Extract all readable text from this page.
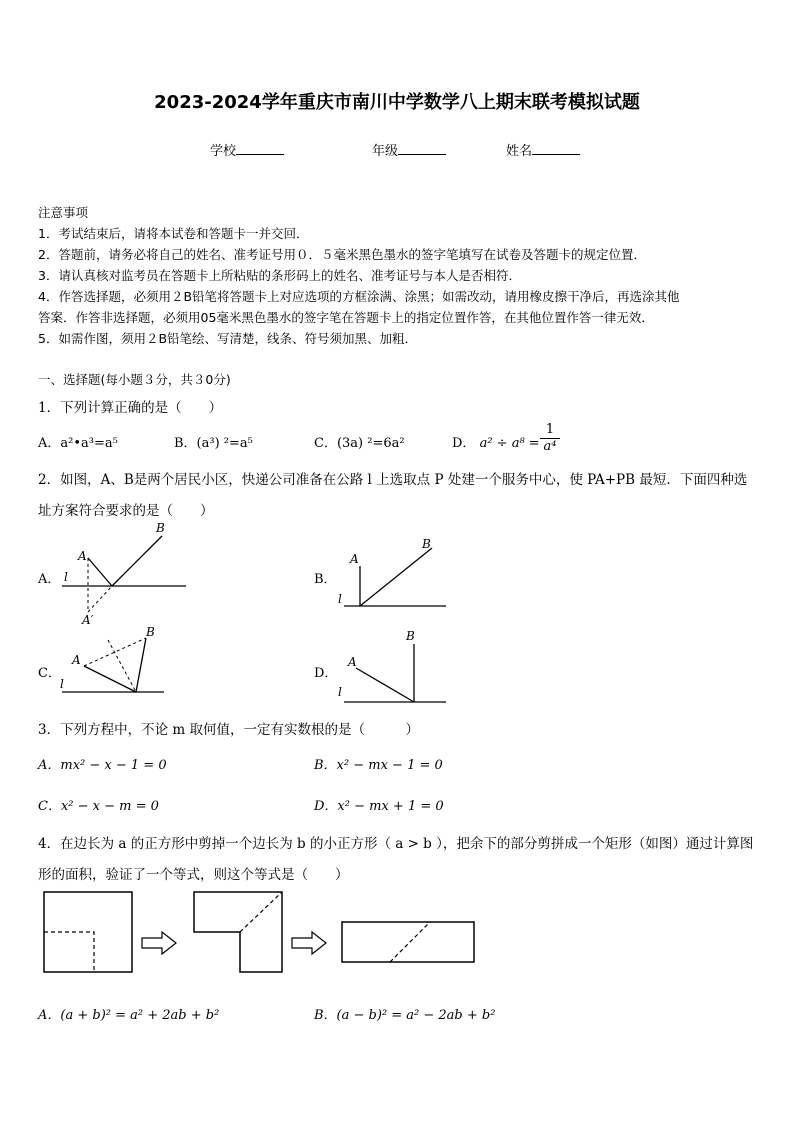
2023-2024学年重庆市南川中学数学八上期末联考模拟试题
学校	年级	姓名
注意事项
1．考试结束后，请将本试卷和答题卡一并交回．
2．答题前，请务必将自己的姓名、准考证号用０．５毫米黑色墨水的签字笔填写在试卷及答题卡的规定位置．
3．请认真核对监考员在答题卡上所粘贴的条形码上的姓名、准考证号与本人是否相符．
4．作答选择题，必须用２B铅笔将答题卡上对应选项的方框涂满、涂黑；如需改动，请用橡皮擦干净后，再选涂其他
答案．作答非选择题，必须用05毫米黑色墨水的签字笔在答题卡上的指定位置作答，在其他位置作答一律无效．
5．如需作图，须用２B铅笔绘、写清楚，线条、符号须加黑、加粗．
一、选择题(每小题３分，共３0分)
1．下列计算正确的是（　　）
A．a²•a³=a⁵	B．(a³) ²=a⁵	C．(3a) ²=6a²	D． $a^2 \div a^8 = \frac{1}{\text{a⁴}}$
2．如图，A、B是两个居民小区，快递公司准备在公路 l 上选取点 P 处建一个服务中心，使 PA+PB 最短．下面四种选
址方案符合要求的是（　　）
A．
A
B
l
A′
B．
A
B
l
C．
A
B
l
D．
A
B
l
3．下列方程中，不论 m 取何值，一定有实数根的是（　　　）
A．mx² − x − 1 = 0	B．x² − mx − 1 = 0
C．x² − x − m = 0	D．x² − mx + 1 = 0
4．在边长为 a 的正方形中剪掉一个边长为 b 的小正方形（ a > b ），把余下的部分剪拼成一个矩形（如图）通过计算图
形的面积，验证了一个等式，则这个等式是（　　）
A．(a + b)² = a² + 2ab + b²	B．(a − b)² = a² − 2ab + b²
